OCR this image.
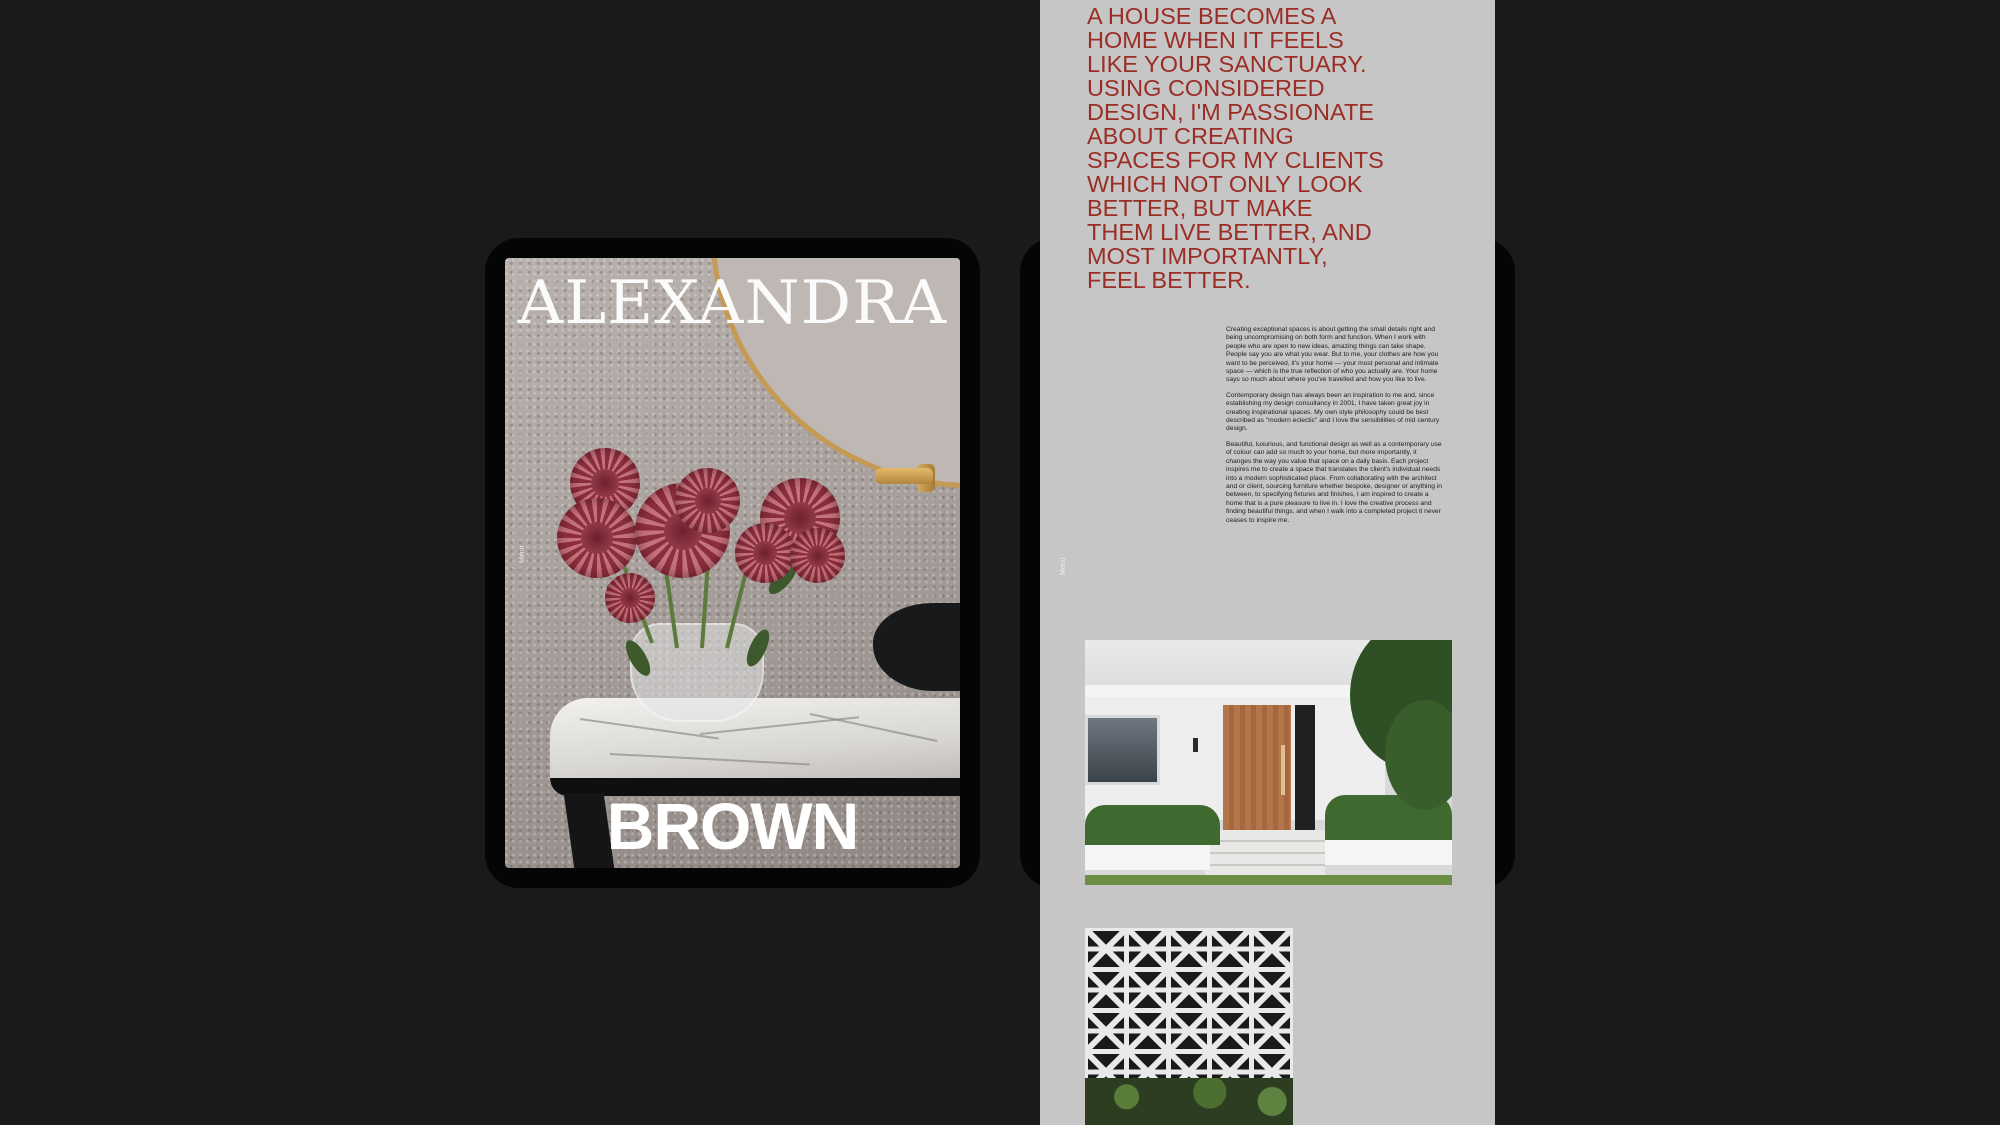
ALEXANDRA
BROWN
Menu
A HOUSE BECOMES A
HOME WHEN IT FEELS
LIKE YOUR SANCTUARY.
USING CONSIDERED
DESIGN, I'M PASSIONATE
ABOUT CREATING
SPACES FOR MY CLIENTS
WHICH NOT ONLY LOOK
BETTER, BUT MAKE
THEM LIVE BETTER, AND
MOST IMPORTANTLY,
FEEL BETTER.

Creating exceptional spaces is about getting the small details right and being uncompromising on both form and function. When I work with people who are open to new ideas, amazing things can take shape. People say you are what you wear. But to me, your clothes are how you want to be perceived, it's your home — your most personal and intimate space — which is the true reflection of who you actually are. Your home says so much about where you've travelled and how you like to live.

Contemporary design has always been an inspiration to me and, since establishing my design consultancy in 2001, I have taken great joy in creating inspirational spaces. My own style philosophy could be best described as "modern eclectic" and I love the sensibilities of mid century design.

Beautiful, luxurious, and functional design as well as a contemporary use of colour can add so much to your home, but more importantly, it changes the way you value that space on a daily basis. Each project inspires me to create a space that translates the client's individual needs into a modern sophisticated place. From collaborating with the architect and or client, sourcing furniture whether bespoke, designer or anything in between, to specifying fixtures and finishes, I am inspired to create a home that is a pure pleasure to live in. I love the creative process and finding beautiful things, and when I walk into a completed project it never ceases to inspire me.

Menu
